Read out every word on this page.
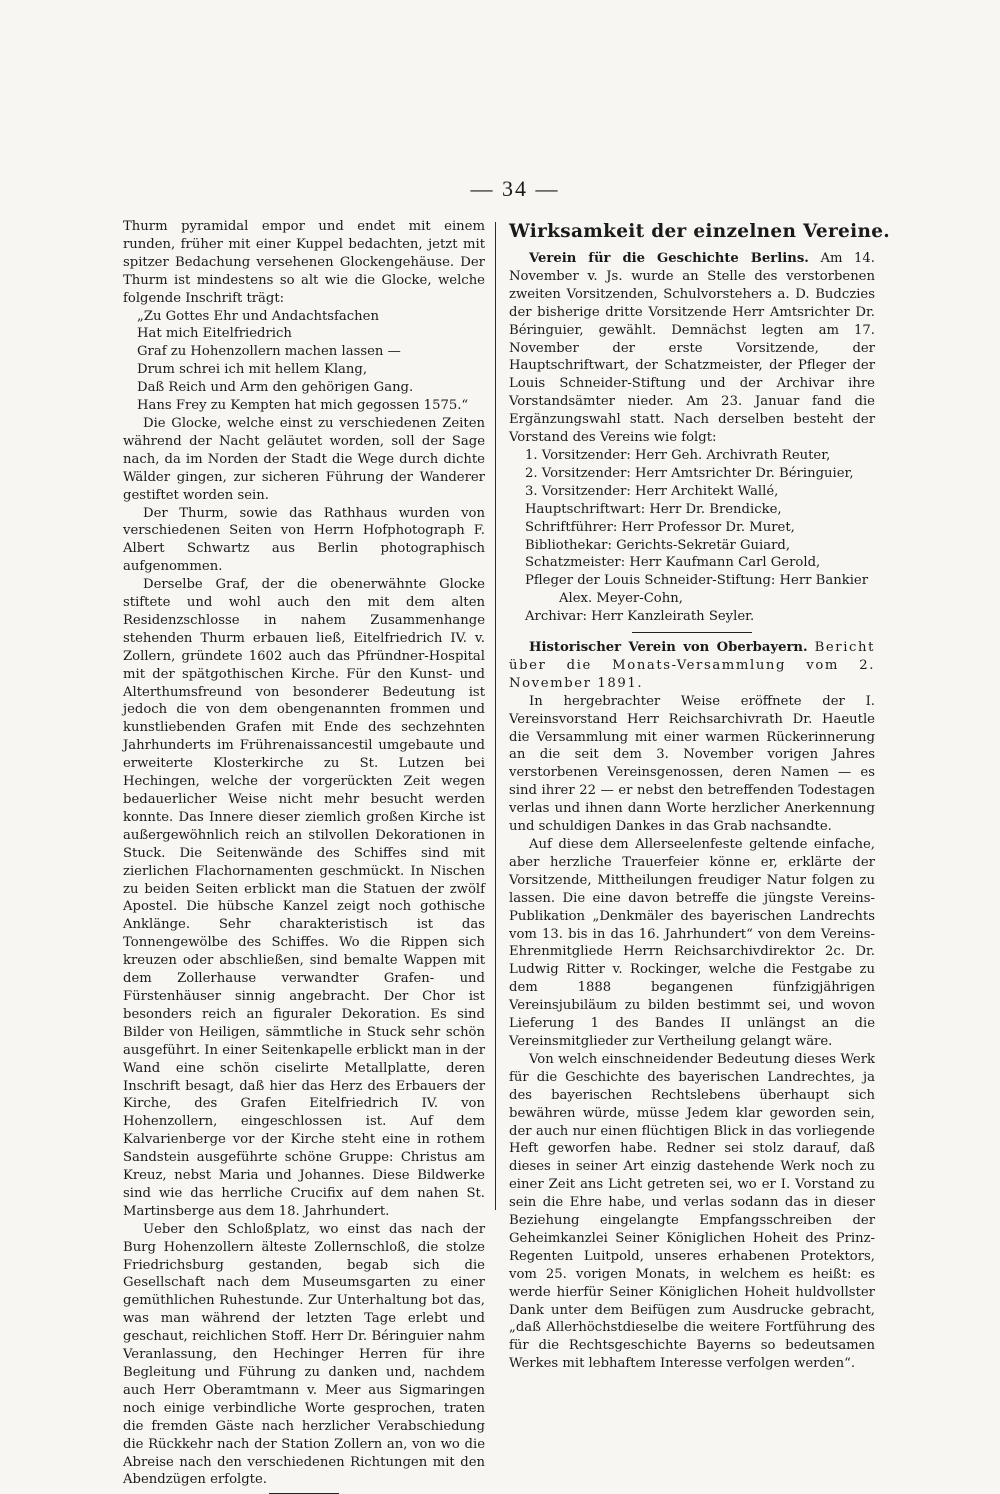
— 34 —

Thurm pyramidal empor und endet mit einem runden, früher mit einer Kuppel bedachten, jetzt mit spitzer Bedachung versehenen Glockengehäuse. Der Thurm ist mindestens so alt wie die Glocke, welche folgende Inschrift trägt:

„Zu Gottes Ehr und Andachtsfachen
Hat mich Eitelfriedrich
Graf zu Hohenzollern machen lassen —
Drum schrei ich mit hellem Klang,
Daß Reich und Arm den gehörigen Gang.
Hans Frey zu Kempten hat mich gegossen 1575.“

Die Glocke, welche einst zu verschiedenen Zeiten während der Nacht geläutet worden, soll der Sage nach, da im Norden der Stadt die Wege durch dichte Wälder gingen, zur sicheren Führung der Wanderer gestiftet worden sein.

Der Thurm, sowie das Rathhaus wurden von verschiedenen Seiten von Herrn Hofphotograph F. Albert Schwartz aus Berlin photographisch aufgenommen.

Derselbe Graf, der die obenerwähnte Glocke stiftete und wohl auch den mit dem alten Residenzschlosse in nahem Zusammenhange stehenden Thurm erbauen ließ, Eitelfriedrich IV. v. Zollern, gründete 1602 auch das Pfründner-Hospital mit der spätgothischen Kirche. Für den Kunst- und Alterthumsfreund von besonderer Bedeutung ist jedoch die von dem obengenannten frommen und kunstliebenden Grafen mit Ende des sechzehnten Jahrhunderts im Frührenaissancestil umgebaute und erweiterte Klosterkirche zu St. Lutzen bei Hechingen, welche der vorgerückten Zeit wegen bedauerlicher Weise nicht mehr besucht werden konnte. Das Innere dieser ziemlich großen Kirche ist außergewöhnlich reich an stilvollen Dekorationen in Stuck. Die Seitenwände des Schiffes sind mit zierlichen Flachornamenten geschmückt. In Nischen zu beiden Seiten erblickt man die Statuen der zwölf Apostel. Die hübsche Kanzel zeigt noch gothische Anklänge. Sehr charakteristisch ist das Tonnengewölbe des Schiffes. Wo die Rippen sich kreuzen oder abschließen, sind bemalte Wappen mit dem Zollerhause verwandter Grafen- und Fürstenhäuser sinnig angebracht. Der Chor ist besonders reich an figuraler Dekoration. Es sind Bilder von Heiligen, sämmtliche in Stuck sehr schön ausgeführt. In einer Seitenkapelle erblickt man in der Wand eine schön ciselirte Metallplatte, deren Inschrift besagt, daß hier das Herz des Erbauers der Kirche, des Grafen Eitelfriedrich IV. von Hohenzollern, eingeschlossen ist. Auf dem Kalvarienberge vor der Kirche steht eine in rothem Sandstein ausgeführte schöne Gruppe: Christus am Kreuz, nebst Maria und Johannes. Diese Bildwerke sind wie das herrliche Crucifix auf dem nahen St. Martinsberge aus dem 18. Jahrhundert.

Ueber den Schloßplatz, wo einst das nach der Burg Hohenzollern älteste Zollernschloß, die stolze Friedrichsburg gestanden, begab sich die Gesellschaft nach dem Museumsgarten zu einer gemüthlichen Ruhestunde. Zur Unterhaltung bot das, was man während der letzten Tage erlebt und geschaut, reichlichen Stoff. Herr Dr. Béringuier nahm Veranlassung, den Hechinger Herren für ihre Begleitung und Führung zu danken und, nachdem auch Herr Oberamtmann v. Meer aus Sigmaringen noch einige verbindliche Worte gesprochen, traten die fremden Gäste nach herzlicher Verabschiedung die Rückkehr nach der Station Zollern an, von wo die Abreise nach den verschiedenen Richtungen mit den Abendzügen erfolgte.

Wirksamkeit der einzelnen Vereine.

Verein für die Geschichte Berlins. Am 14. November v. Js. wurde an Stelle des verstorbenen zweiten Vorsitzenden, Schulvorstehers a. D. Budczies der bisherige dritte Vorsitzende Herr Amtsrichter Dr. Béringuier, gewählt. Demnächst legten am 17. November der erste Vorsitzende, der Hauptschriftwart, der Schatzmeister, der Pfleger der Louis Schneider-Stiftung und der Archivar ihre Vorstandsämter nieder. Am 23. Januar fand die Ergänzungswahl statt. Nach derselben besteht der Vorstand des Vereins wie folgt:

1. Vorsitzender: Herr Geh. Archivrath Reuter,
2. Vorsitzender: Herr Amtsrichter Dr. Béringuier,
3. Vorsitzender: Herr Architekt Wallé,
Hauptschriftwart: Herr Dr. Brendicke,
Schriftführer: Herr Professor Dr. Muret,
Bibliothekar: Gerichts-Sekretär Guiard,
Schatzmeister: Herr Kaufmann Carl Gerold,
Pfleger der Louis Schneider-Stiftung: Herr Bankier
Alex. Meyer-Cohn,
Archivar: Herr Kanzleirath Seyler.

Historischer Verein von Oberbayern. Bericht über die Monats-Versammlung vom 2. November 1891.

In hergebrachter Weise eröffnete der I. Vereinsvorstand Herr Reichsarchivrath Dr. Haeutle die Versammlung mit einer warmen Rückerinnerung an die seit dem 3. November vorigen Jahres verstorbenen Vereinsgenossen, deren Namen — es sind ihrer 22 — er nebst den betreffenden Todestagen verlas und ihnen dann Worte herzlicher Anerkennung und schuldigen Dankes in das Grab nachsandte.

Auf diese dem Allerseelenfeste geltende einfache, aber herzliche Trauerfeier könne er, erklärte der Vorsitzende, Mittheilungen freudiger Natur folgen zu lassen. Die eine davon betreffe die jüngste Vereins-Publikation „Denkmäler des bayerischen Landrechts vom 13. bis in das 16. Jahrhundert“ von dem Vereins-Ehrenmitgliede Herrn Reichsarchivdirektor 2c. Dr. Ludwig Ritter v. Rockinger, welche die Festgabe zu dem 1888 begangenen fünfzigjährigen Vereinsjubiläum zu bilden bestimmt sei, und wovon Lieferung 1 des Bandes II unlängst an die Vereinsmitglieder zur Vertheilung gelangt wäre.

Von welch einschneidender Bedeutung dieses Werk für die Geschichte des bayerischen Landrechtes, ja des bayerischen Rechtslebens überhaupt sich bewähren würde, müsse Jedem klar geworden sein, der auch nur einen flüchtigen Blick in das vorliegende Heft geworfen habe. Redner sei stolz darauf, daß dieses in seiner Art einzig dastehende Werk noch zu einer Zeit ans Licht getreten sei, wo er I. Vorstand zu sein die Ehre habe, und verlas sodann das in dieser Beziehung eingelangte Empfangsschreiben der Geheimkanzlei Seiner Königlichen Hoheit des Prinz-Regenten Luitpold, unseres erhabenen Protektors, vom 25. vorigen Monats, in welchem es heißt: es werde hierfür Seiner Königlichen Hoheit huldvollster Dank unter dem Beifügen zum Ausdrucke gebracht, „daß Allerhöchstdieselbe die weitere Fortführung des für die Rechtsgeschichte Bayerns so bedeutsamen Werkes mit lebhaftem Interesse verfolgen werden“.
